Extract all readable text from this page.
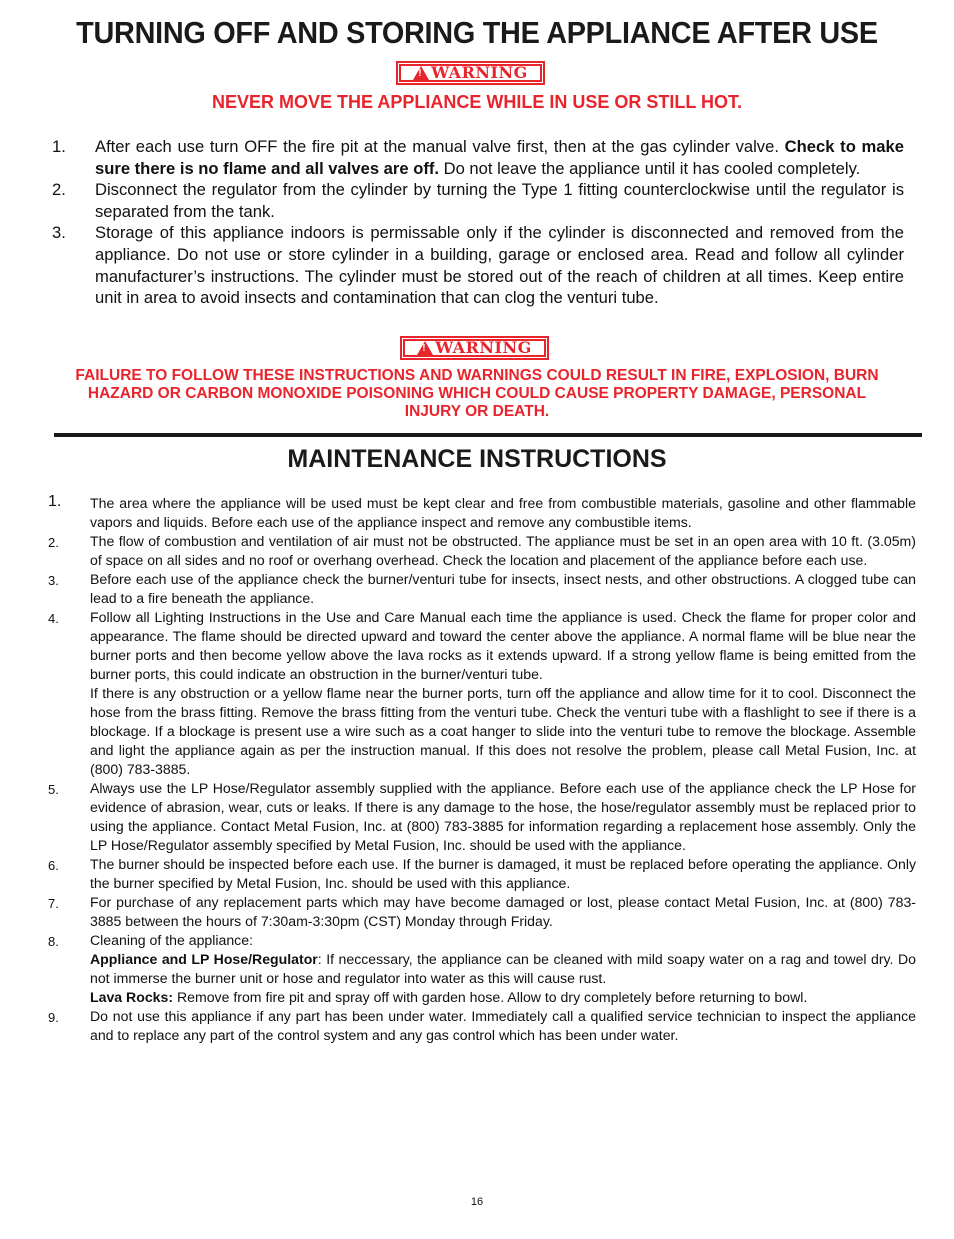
TURNING OFF AND STORING THE APPLIANCE AFTER USE
!
WARNING
NEVER MOVE THE APPLIANCE WHILE IN USE OR STILL HOT.
1. After each use turn OFF the fire pit at the manual valve first, then at the gas cylinder valve. Check to make sure there is no flame and all valves are off. Do not leave the appliance until it has cooled completely.
2. Disconnect the regulator from the cylinder by turning the Type 1 fitting counterclockwise until the regulator is separated from the tank.
3. Storage of this appliance indoors is permissable only if the cylinder is disconnected and removed from the appliance. Do not use or store cylinder in a building, garage or enclosed area. Read and follow all cylinder manufacturer’s instructions. The cylinder must be stored out of the reach of children at all times. Keep entire unit in area to avoid insects and contamination that can clog the venturi tube.
!
WARNING
FAILURE TO FOLLOW THESE INSTRUCTIONS AND WARNINGS COULD RESULT IN FIRE, EXPLOSION, BURN HAZARD OR CARBON MONOXIDE POISONING WHICH COULD CAUSE PROPERTY DAMAGE, PERSONAL INJURY OR DEATH.
MAINTENANCE INSTRUCTIONS
1. The area where the appliance will be used must be kept clear and free from combustible materials, gasoline and other flammable vapors and liquids. Before each use of the appliance inspect and remove any combustible items.
2. The flow of combustion and ventilation of air must not be obstructed. The appliance must be set in an open area with 10 ft. (3.05m) of space on all sides and no roof or overhang overhead. Check the location and placement of the appliance before each use.
3. Before each use of the appliance check the burner/venturi tube for insects, insect nests, and other obstructions. A clogged tube can lead to a fire beneath the appliance.
4. Follow all Lighting Instructions in the Use and Care Manual each time the appliance is used. Check the flame for proper color and appearance. The flame should be directed upward and toward the center above the appliance. A normal flame will be blue near the burner ports and then become yellow above the lava rocks as it extends upward. If a strong yellow flame is being emitted from the burner ports, this could indicate an obstruction in the burner/venturi tube.
If there is any obstruction or a yellow flame near the burner ports, turn off the appliance and allow time for it to cool. Disconnect the hose from the brass fitting. Remove the brass fitting from the venturi tube. Check the venturi tube with a flashlight to see if there is a blockage. If a blockage is present use a wire such as a coat hanger to slide into the venturi tube to remove the blockage. Assemble and light the appliance again as per the instruction manual. If this does not resolve the problem, please call Metal Fusion, Inc. at (800) 783-3885.
5. Always use the LP Hose/Regulator assembly supplied with the appliance. Before each use of the appliance check the LP Hose for evidence of abrasion, wear, cuts or leaks. If there is any damage to the hose, the hose/regulator assembly must be replaced prior to using the appliance. Contact Metal Fusion, Inc. at (800) 783-3885 for information regarding a replacement hose assembly. Only the LP Hose/Regulator assembly specified by Metal Fusion, Inc. should be used with the appliance.
6. The burner should be inspected before each use. If the burner is damaged, it must be replaced before operating the appliance. Only the burner specified by Metal Fusion, Inc. should be used with this appliance.
7. For purchase of any replacement parts which may have become damaged or lost, please contact Metal Fusion, Inc. at (800) 783-3885 between the hours of 7:30am-3:30pm (CST) Monday through Friday.
8. Cleaning of the appliance:
Appliance and LP Hose/Regulator: If neccessary, the appliance can be cleaned with mild soapy water on a rag and towel dry. Do not immerse the burner unit or hose and regulator into water as this will cause rust.
Lava Rocks: Remove from fire pit and spray off with garden hose. Allow to dry completely before returning to bowl.
9. Do not use this appliance if any part has been under water. Immediately call a qualified service technician to inspect the appliance and to replace any part of the control system and any gas control which has been under water.
16
